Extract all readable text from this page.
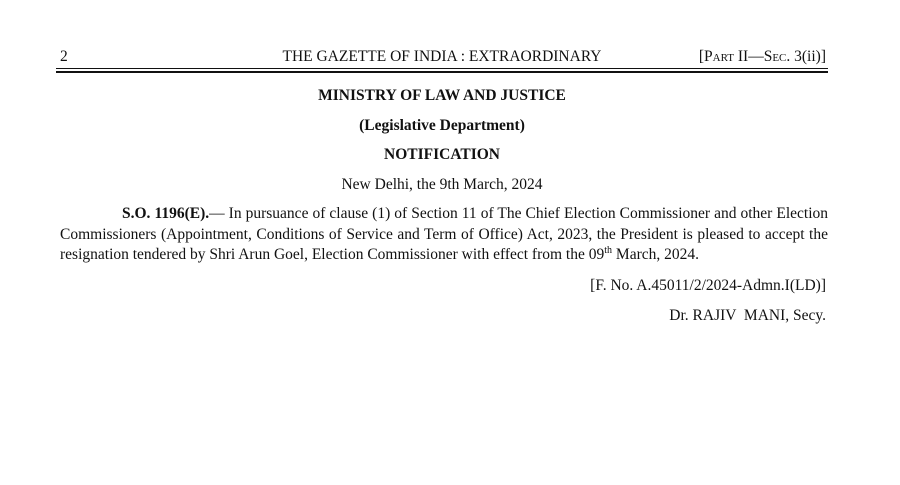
2	THE GAZETTE OF INDIA : EXTRAORDINARY	[Part II—Sec. 3(ii)]
MINISTRY OF LAW AND JUSTICE
(Legislative Department)
NOTIFICATION
New Delhi, the 9th March, 2024

S.O. 1196(E).— In pursuance of clause (1) of Section 11 of The Chief Election Commissioner and other Election Commissioners (Appointment, Conditions of Service and Term of Office) Act, 2023, the President is pleased to accept the resignation tendered by Shri Arun Goel, Election Commissioner with effect from the 09th March, 2024.

[F. No. A.45011/2/2024-Admn.I(LD)]
Dr. RAJIV  MANI, Secy.
